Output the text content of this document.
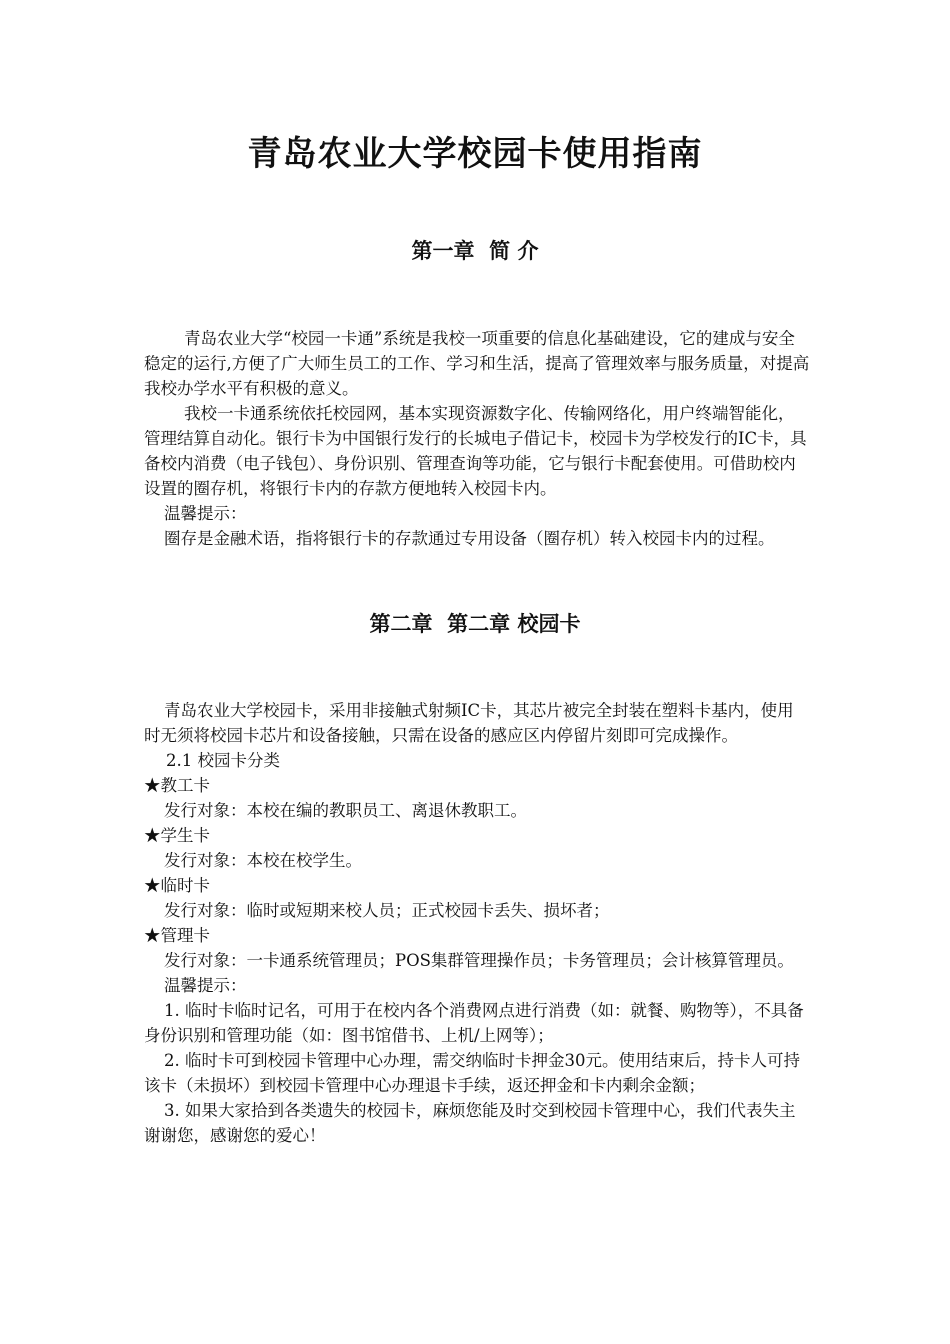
青岛农业大学校园卡使用指南
第一章  简 介

青岛农业大学“校园一卡通”系统是我校一项重要的信息化基础建设，它的建成与安全稳定的运行,方便了广大师生员工的工作、学习和生活，提高了管理效率与服务质量，对提高我校办学水平有积极的意义。

我校一卡通系统依托校园网，基本实现资源数字化、传输网络化，用户终端智能化，管理结算自动化。银行卡为中国银行发行的长城电子借记卡，校园卡为学校发行的IC卡，具备校内消费（电子钱包）、身份识别、管理查询等功能，它与银行卡配套使用。可借助校内设置的圈存机，将银行卡内的存款方便地转入校园卡内。

温馨提示：

圈存是金融术语，指将银行卡的存款通过专用设备（圈存机）转入校园卡内的过程。

第二章  第二章 校园卡

青岛农业大学校园卡，采用非接触式射频IC卡，其芯片被完全封装在塑料卡基内，使用时无须将校园卡芯片和设备接触，只需在设备的感应区内停留片刻即可完成操作。

2.1 校园卡分类

★教工卡

发行对象：本校在编的教职员工、离退休教职工。

★学生卡

发行对象：本校在校学生。

★临时卡

发行对象：临时或短期来校人员；正式校园卡丢失、损坏者；

★管理卡

发行对象：一卡通系统管理员；POS集群管理操作员；卡务管理员；会计核算管理员。

温馨提示：

1. 临时卡临时记名，可用于在校内各个消费网点进行消费（如：就餐、购物等），不具备身份识别和管理功能（如：图书馆借书、上机/上网等）；

2. 临时卡可到校园卡管理中心办理，需交纳临时卡押金30元。使用结束后，持卡人可持该卡（未损坏）到校园卡管理中心办理退卡手续，返还押金和卡内剩余金额；

3. 如果大家拾到各类遗失的校园卡，麻烦您能及时交到校园卡管理中心，我们代表失主谢谢您，感谢您的爱心！
